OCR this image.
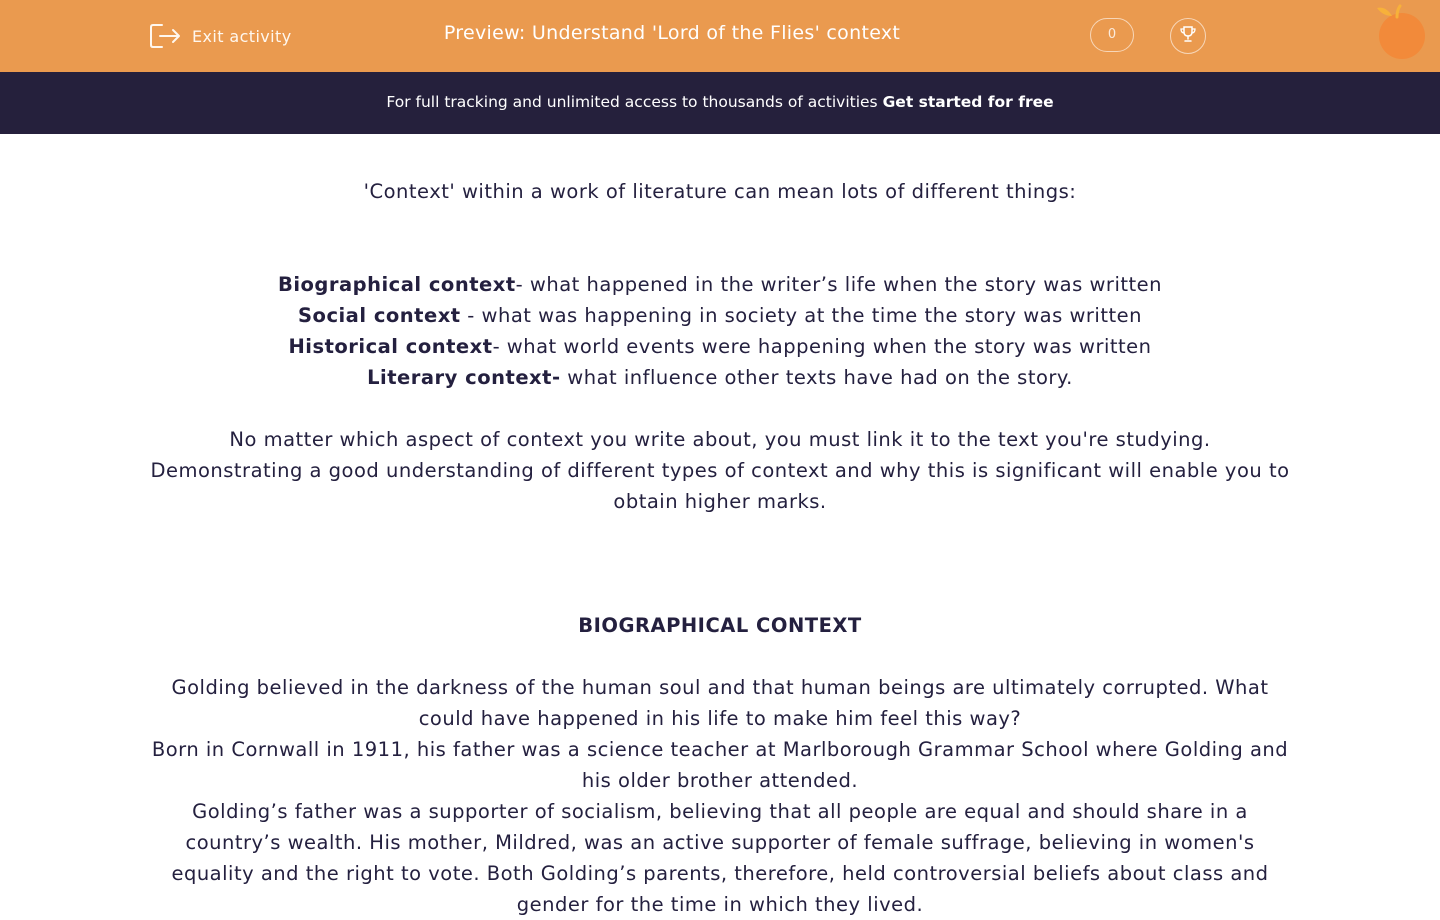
Exit activity	Preview: Understand 'Lord of the Flies' context	0
For full tracking and unlimited access to thousands of activities Get started for free

'Context' within a work of literature can mean lots of different things:

Biographical context- what happened in the writer’s life when the story was written

Social context - what was happening in society at the time the story was written

Historical context- what world events were happening when the story was written

Literary context- what influence other texts have had on the story.

No matter which aspect of context you write about, you must link it to the text you're studying. Demonstrating a good understanding of different types of context and why this is significant will enable you to obtain higher marks.

BIOGRAPHICAL CONTEXT

Golding believed in the darkness of the human soul and that human beings are ultimately corrupted. What could have happened in his life to make him feel this way?

Born in Cornwall in 1911, his father was a science teacher at Marlborough Grammar School where Golding and his older brother attended.

Golding’s father was a supporter of socialism, believing that all people are equal and should share in a country’s wealth. His mother, Mildred, was an active supporter of female suffrage, believing in women's equality and the right to vote. Both Golding’s parents, therefore, held controversial beliefs about class and gender for the time in which they lived.
